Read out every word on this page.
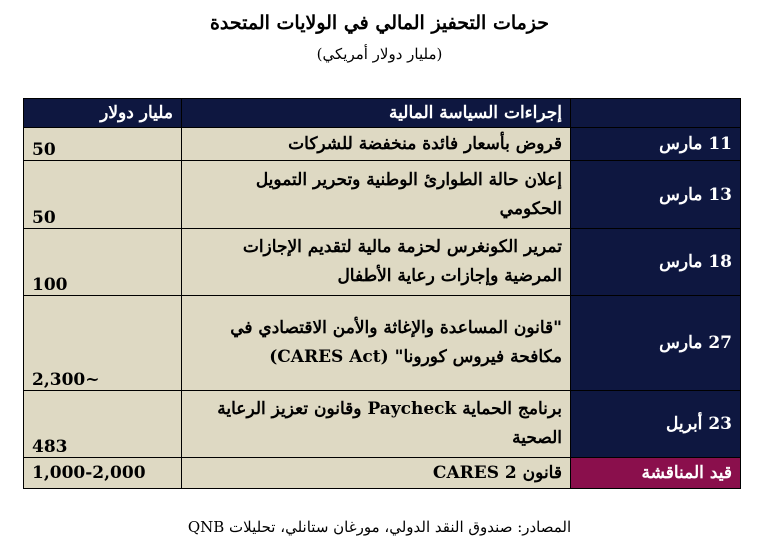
حزمات التحفيز المالي في الولايات المتحدة
(مليار دولار أمريكي)
	إجراءات السياسة المالية	مليار دولار
11 مارس	قروض بأسعار فائدة منخفضة للشركات	50
13 مارس	إعلان حالة الطوارئ الوطنية وتحرير التمويل الحكومي	50
18 مارس	تمرير الكونغرس لحزمة مالية لتقديم الإجازات المرضية وإجازات رعاية الأطفال	100
27 مارس	"قانون المساعدة والإغاثة والأمن الاقتصادي في مكافحة فيروس كورونا" (CARES Act)	~2,300
23 أبريل	برنامج الحماية Paycheck وقانون تعزيز الرعاية الصحية	483
قيد المناقشة	قانون CARES 2	1,000-2,000
المصادر: صندوق النقد الدولي، مورغان ستانلي، تحليلات QNB
